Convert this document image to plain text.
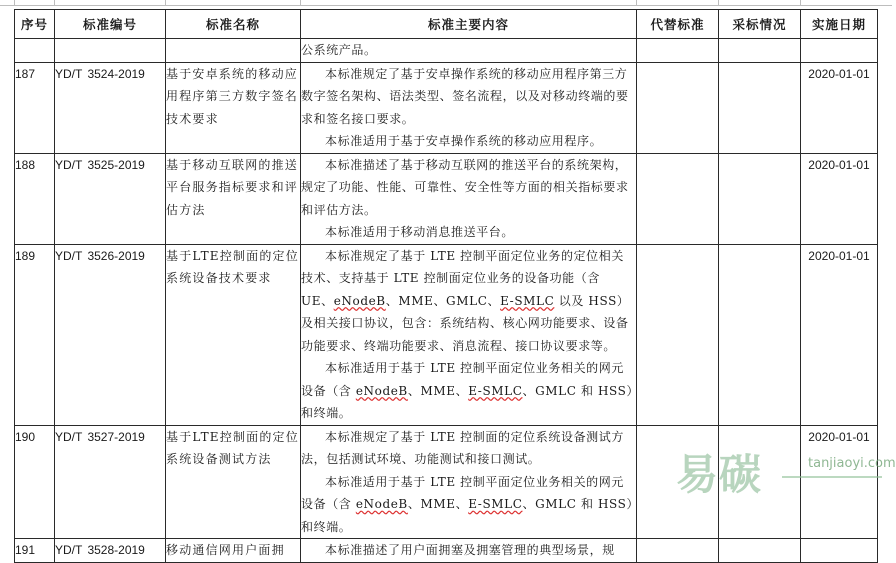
序号	标准编号	标准名称	标准主要内容	代替标准	采标情况	实施日期
			公系统产品。			
187	YD/T 3524-2019	基于安卓系统的移动应用程序第三方数字签名技术要求	本标准规定了基于安卓操作系统的移动应用程序第三方数字签名架构、语法类型、签名流程，以及对移动终端的要求和签名接口要求。

本标准适用于基于安卓操作系统的移动应用程序。			2020-01-01
188	YD/T 3525-2019	基于移动互联网的推送平台服务指标要求和评估方法	本标准描述了基于移动互联网的推送平台的系统架构，规定了功能、性能、可靠性、安全性等方面的相关指标要求和评估方法。

本标准适用于移动消息推送平台。			2020-01-01
189	YD/T 3526-2019	基于LTE控制面的定位系统设备技术要求	本标准规定了基于 LTE 控制平面定位业务的定位相关技术、支持基于 LTE 控制面定位业务的设备功能（含 UE、eNodeB、MME、GMLC、E-SMLC 以及 HSS）及相关接口协议，包含：系统结构、核心网功能要求、设备功能要求、终端功能要求、消息流程、接口协议要求等。

本标准适用于基于 LTE 控制平面定位业务相关的网元设备（含 eNodeB、MME、E-SMLC、GMLC 和 HSS）和终端。			2020-01-01
190	YD/T 3527-2019	基于LTE控制面的定位系统设备测试方法	本标准规定了基于 LTE 控制面的定位系统设备测试方法，包括测试环境、功能测试和接口测试。

本标准适用于基于 LTE 控制平面定位业务相关的网元设备（含 eNodeB、MME、E-SMLC、GMLC 和 HSS）和终端。			2020-01-01
191	YD/T 3528-2019	移动通信网用户面拥	本标准描述了用户面拥塞及拥塞管理的典型场景，规			

易碳	tanjiaoyi.com
